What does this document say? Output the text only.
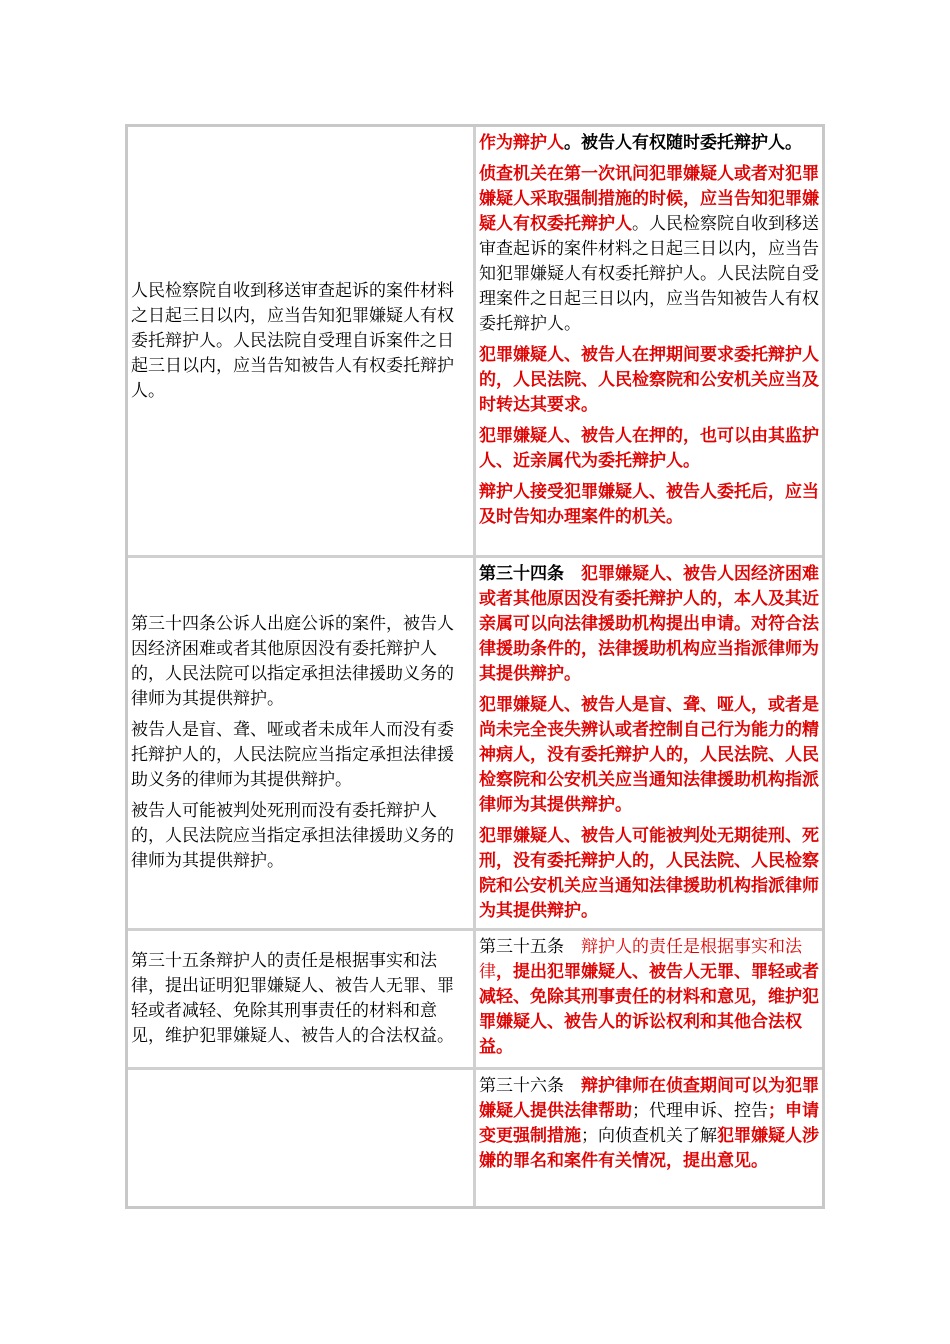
人民检察院自收到移送审查起诉的案件材料之日起三日以内，应当告知犯罪嫌疑人有权委托辩护人。人民法院自受理自诉案件之日起三日以内，应当告知被告人有权委托辩护人。

作为辩护人。被告人有权随时委托辩护人。

侦查机关在第一次讯问犯罪嫌疑人或者对犯罪嫌疑人采取强制措施的时候，应当告知犯罪嫌疑人有权委托辩护人。人民检察院自收到移送审查起诉的案件材料之日起三日以内，应当告知犯罪嫌疑人有权委托辩护人。人民法院自受理案件之日起三日以内，应当告知被告人有权委托辩护人。

犯罪嫌疑人、被告人在押期间要求委托辩护人的，人民法院、人民检察院和公安机关应当及时转达其要求。

犯罪嫌疑人、被告人在押的，也可以由其监护人、近亲属代为委托辩护人。

辩护人接受犯罪嫌疑人、被告人委托后，应当及时告知办理案件的机关。

第三十四条公诉人出庭公诉的案件，被告人因经济困难或者其他原因没有委托辩护人的，人民法院可以指定承担法律援助义务的律师为其提供辩护。

被告人是盲、聋、哑或者未成年人而没有委托辩护人的，人民法院应当指定承担法律援助义务的律师为其提供辩护。

被告人可能被判处死刑而没有委托辩护人的，人民法院应当指定承担法律援助义务的律师为其提供辩护。

第三十四条　 犯罪嫌疑人、被告人因经济困难或者其他原因没有委托辩护人的，本人及其近亲属可以向法律援助机构提出申请。对符合法律援助条件的，法律援助机构应当指派律师为其提供辩护。

犯罪嫌疑人、被告人是盲、聋、哑人，或者是尚未完全丧失辨认或者控制自己行为能力的精神病人，没有委托辩护人的，人民法院、人民检察院和公安机关应当通知法律援助机构指派律师为其提供辩护。

犯罪嫌疑人、被告人可能被判处无期徒刑、死刑，没有委托辩护人的，人民法院、人民检察院和公安机关应当通知法律援助机构指派律师为其提供辩护。

第三十五条辩护人的责任是根据事实和法律，提出证明犯罪嫌疑人、被告人无罪、罪轻或者减轻、免除其刑事责任的材料和意见，维护犯罪嫌疑人、被告人的合法权益。

第三十五条　 辩护人的责任是根据事实和法律，提出犯罪嫌疑人、被告人无罪、罪轻或者减轻、免除其刑事责任的材料和意见，维护犯罪嫌疑人、被告人的诉讼权利和其他合法权益。

第三十六条　 辩护律师在侦查期间可以为犯罪嫌疑人提供法律帮助；代理申诉、控告；申请变更强制措施；向侦查机关了解犯罪嫌疑人涉嫌的罪名和案件有关情况，提出意见。
